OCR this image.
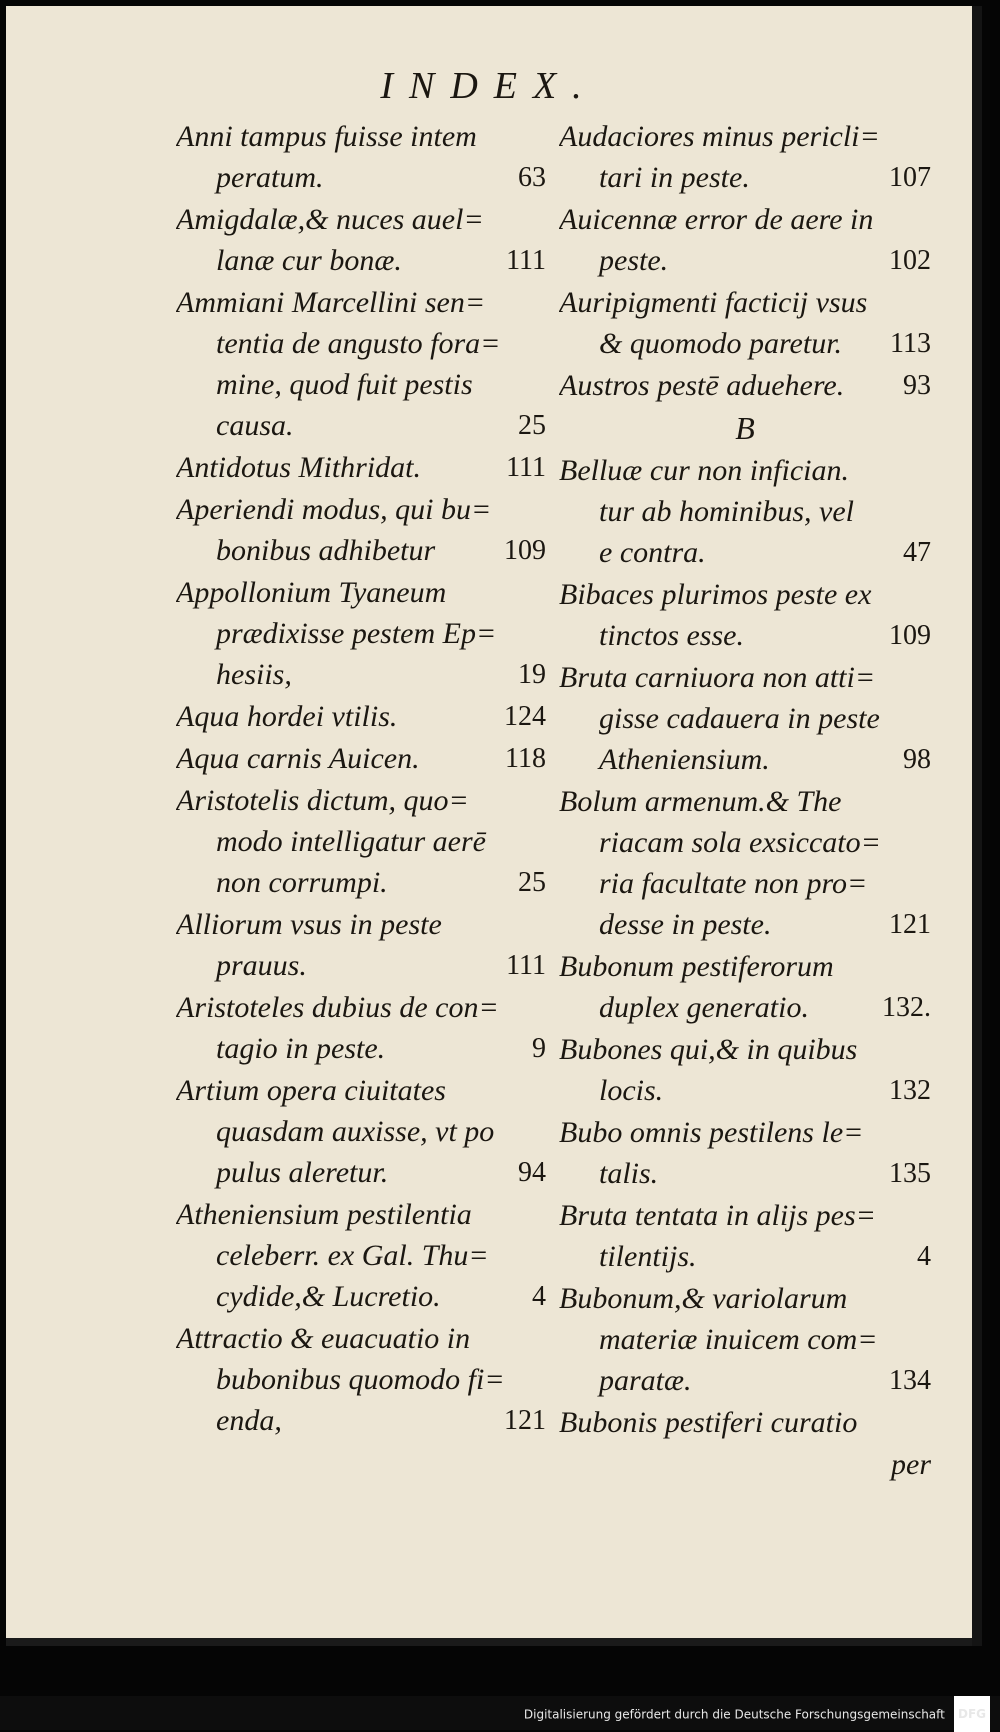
INDEX.
Anni tampus fuisse intem
63
peratum.
Amigdalæ,& nuces auel=
111
lanæ cur bonæ.
Ammiani Marcellini sen=
tentia de angusto fora=
mine, quod fuit pestis
25
causa.
111
Antidotus Mithridat.
Aperiendi modus, qui bu=
109
bonibus adhibetur
Appollonium Tyaneum
prædixisse pestem Ep=
19
hesiis,
124
Aqua hordei vtilis.
118
Aqua carnis Auicen.
Aristotelis dictum, quo=
modo intelligatur aerē
25
non corrumpi.
Alliorum vsus in peste
111
prauus.
Aristoteles dubius de con=
9
tagio in peste.
Artium opera ciuitates
quasdam auxisse, vt po
94
pulus aleretur.
Atheniensium pestilentia
celeberr. ex Gal. Thu=
4
cydide,& Lucretio.
Attractio & euacuatio in
bubonibus quomodo fi=
121
enda,
Audaciores minus pericli=
107
tari in peste.
Auicennæ error de aere in
102
peste.
Auripigmenti facticij vsus
113
& quomodo paretur.
93
Austros pestē aduehere.
B
Belluæ cur non infician.
tur ab hominibus, vel
47
e contra.
Bibaces plurimos peste ex
109
tinctos esse.
Bruta carniuora non atti=
gisse cadauera in peste
98
Atheniensium.
Bolum armenum.& The
riacam sola exsiccato=
ria facultate non pro=
121
desse in peste.
Bubonum pestiferorum
132.
duplex generatio.
Bubones qui,& in quibus
132
locis.
Bubo omnis pestilens le=
135
talis.
Bruta tentata in alijs pes=
4
tilentijs.
Bubonum,& variolarum
materiæ inuicem com=
134
paratæ.
Bubonis pestiferi curatio
per
Digitalisierung gefördert durch die Deutsche Forschungsgemeinschaft DFG
